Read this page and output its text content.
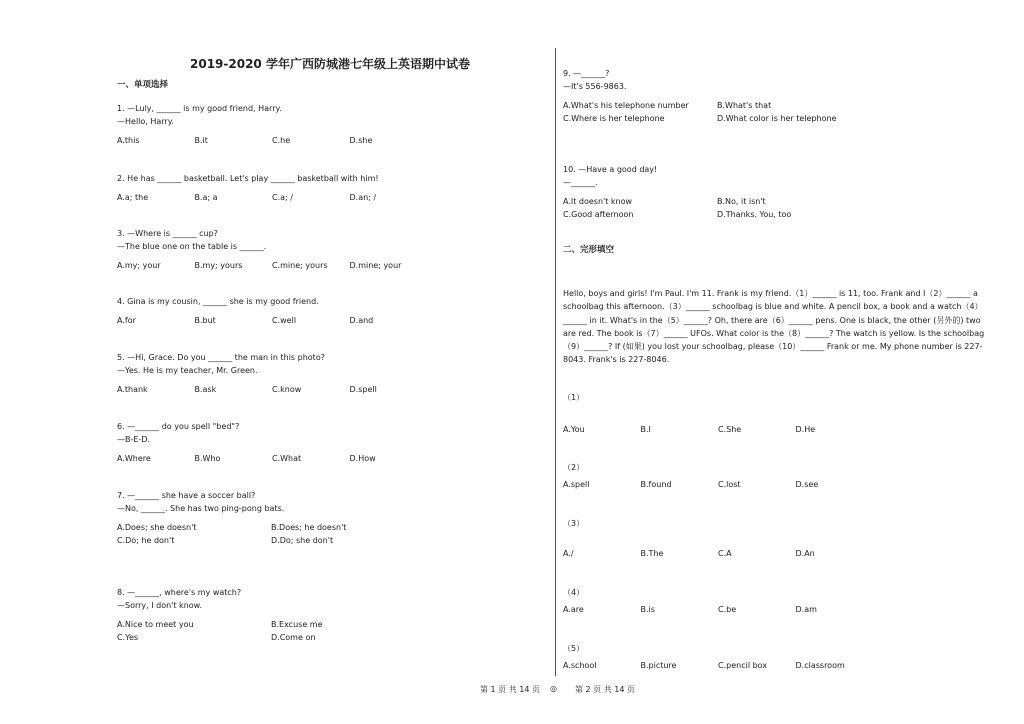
2019-2020 学年广西防城港七年级上英语期中试卷
一、单项选择
1. —Luly, ______ is my good friend, Harry.
—Hello, Harry.
A.this	B.it	C.he	D.she
2. He has ______ basketball. Let's play ______ basketball with him!
A.a; the	B.a; a	C.a; /	D.an; /
3. —Where is ______ cup?
—The blue one on the table is ______.
A.my; your	B.my; yours	C.mine; yours	D.mine; your
4. Gina is my cousin, ______ she is my good friend.
A.for	B.but	C.well	D.and
5. —Hi, Grace. Do you ______ the man in this photo?
—Yes. He is my teacher, Mr. Green.
A.thank	B.ask	C.know	D.spell
6. —______ do you spell "bed"?
—B-E-D.
A.Where	B.Who	C.What	D.How
7. —______ she have a soccer ball?
—No, ______. She has two ping-pong bats.
A.Does; she doesn't	B.Does; he doesn't
C.Do; he don't	D.Do; she don't
8. —______, where's my watch?
—Sorry, I don't know.
A.Nice to meet you	B.Excuse me
C.Yes	D.Come on
9. —______?
—It's 556-9863.
A.What's his telephone number	B.What's that
C.Where is her telephone	D.What color is her telephone
10. —Have a good day!
—______.
A.It doesn't know	B.No, it isn't
C.Good afternoon	D.Thanks. You, too
二、完形填空
Hello, boys and girls! I'm Paul. I'm 11. Frank is my friend.（1）______ is 11, too. Frank and I（2）______ a schoolbag this afternoon.（3）______ schoolbag is blue and white. A pencil box, a book and a watch（4）______ in it. What's in the（5）______? Oh, there are（6）______ pens. One is black, the other (另外的) two are red. The book is（7）______ UFOs. What color is the（8）______? The watch is yellow. Is the schoolbag（9）______? If (如果) you lost your schoolbag, please（10）______ Frank or me. My phone number is 227-8043. Frank's is 227-8046.
（1）
A.You	B.I	C.She	D.He
（2）
A.spell	B.found	C.lost	D.see
（3）
A./	B.The	C.A	D.An
（4）
A.are	B.is	C.be	D.am
（5）
A.school	B.picture	C.pencil box	D.classroom
第 1 页 共 14 页 ◎ 第 2 页 共 14 页
